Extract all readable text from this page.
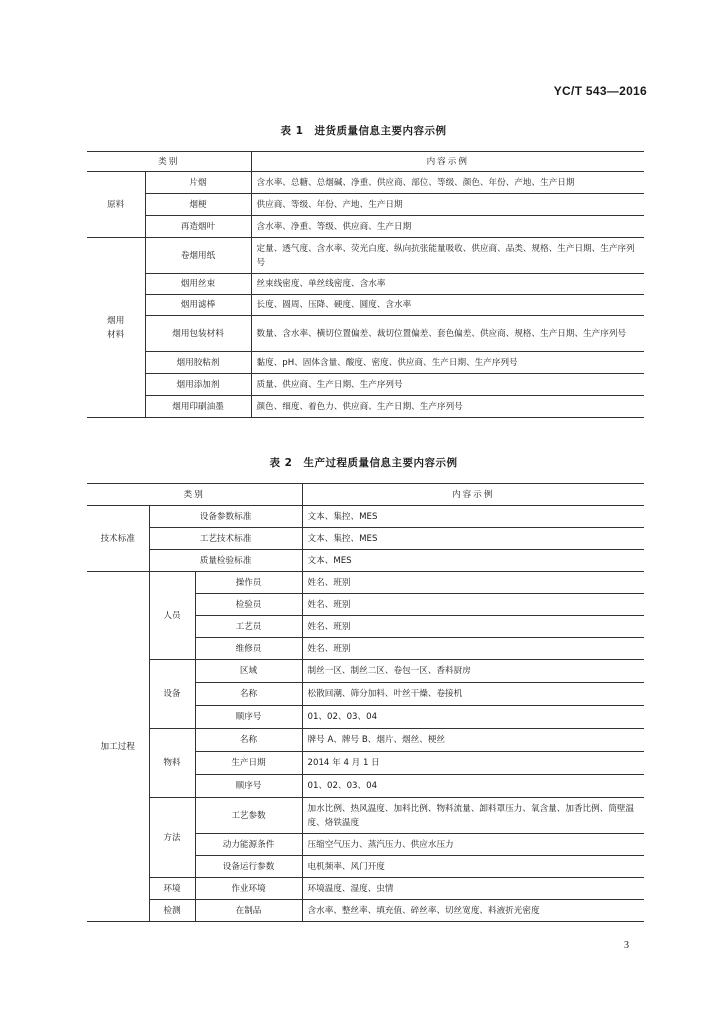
YC/T 543—2016
表 1　进货质量信息主要内容示例
类别		内容示例
原料	片烟	含水率、总糖、总烟碱、净重、供应商、部位、等级、颜色、年份、产地、生产日期
	烟梗	供应商、等级、年份、产地、生产日期
	再造烟叶	含水率、净重、等级、供应商、生产日期
烟用
材料	卷烟用纸	定量、透气度、含水率、荧光白度、纵向抗张能量吸收、供应商、品类、规格、生产日期、生产序列号
	烟用丝束	丝束线密度、单丝线密度、含水率
	烟用滤棒	长度、圆周、压降、硬度、圆度、含水率
	烟用包装材料	数量、含水率、横切位置偏差、裁切位置偏差、套色偏差、供应商、规格、生产日期、生产序列号
	烟用胶粘剂	黏度、pH、固体含量、酸度、密度、供应商、生产日期、生产序列号
	烟用添加剂	质量、供应商、生产日期、生产序列号
	烟用印刷油墨	颜色、细度、着色力、供应商、生产日期、生产序列号
表 2　生产过程质量信息主要内容示例
类别			内容示例
技术标准	设备参数标准		文本、集控、MES
	工艺技术标准		文本、集控、MES
	质量检验标准		文本、MES
加工过程	人员	操作员	姓名、班别
		检验员	姓名、班别
		工艺员	姓名、班别
		维修员	姓名、班别
	设备	区域	制丝一区、制丝二区、卷包一区、香料厨房
		名称	松散回潮、筛分加料、叶丝干燥、卷接机
		顺序号	01、02、03、04
	物料	名称	牌号 A、牌号 B、烟片、烟丝、梗丝
		生产日期	2014 年 4 月 1 日
		顺序号	01、02、03、04
	方法	工艺参数	加水比例、热风温度、加料比例、物料流量、卸料罩压力、氧含量、加香比例、筒壁温度、烙铁温度
		动力能源条件	压缩空气压力、蒸汽压力、供应水压力
		设备运行参数	电机频率、风门开度
	环境	作业环境	环境温度、湿度、虫情
	检测	在制品	含水率、整丝率、填充值、碎丝率、切丝宽度、料液折光密度
3
